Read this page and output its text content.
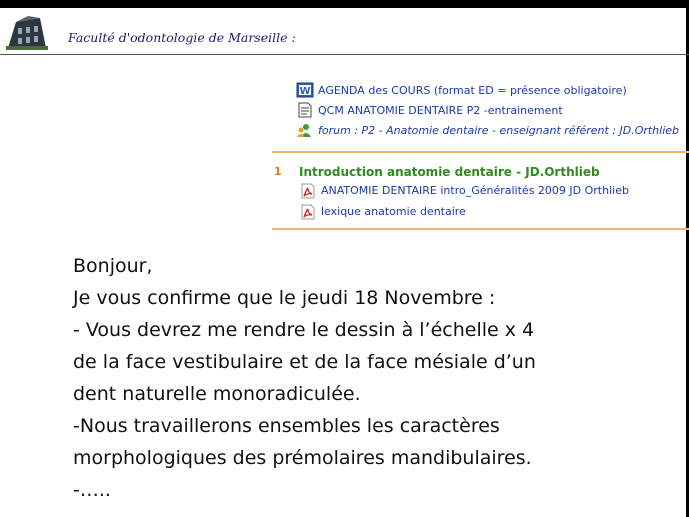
Faculté d'odontologie de Marseille :
W AGENDA des COURS (format ED = présence obligatoire)
QCM ANATOMIE DENTAIRE P2 -entrainement
forum : P2 - Anatomie dentaire - enseignant référent : JD.Orthlieb
1 Introduction anatomie dentaire - JD.Orthlieb
ANATOMIE DENTAIRE intro_Généralités 2009 JD Orthlieb
lexique anatomie dentaire
Bonjour,
Je vous confirme que le jeudi 18 Novembre :
- Vous devrez me rendre le dessin à l’échelle x 4
de la face vestibulaire et de la face mésiale d’un
dent naturelle monoradiculée.
-Nous travaillerons ensembles les caractères
morphologiques des prémolaires mandibulaires.
-…..
